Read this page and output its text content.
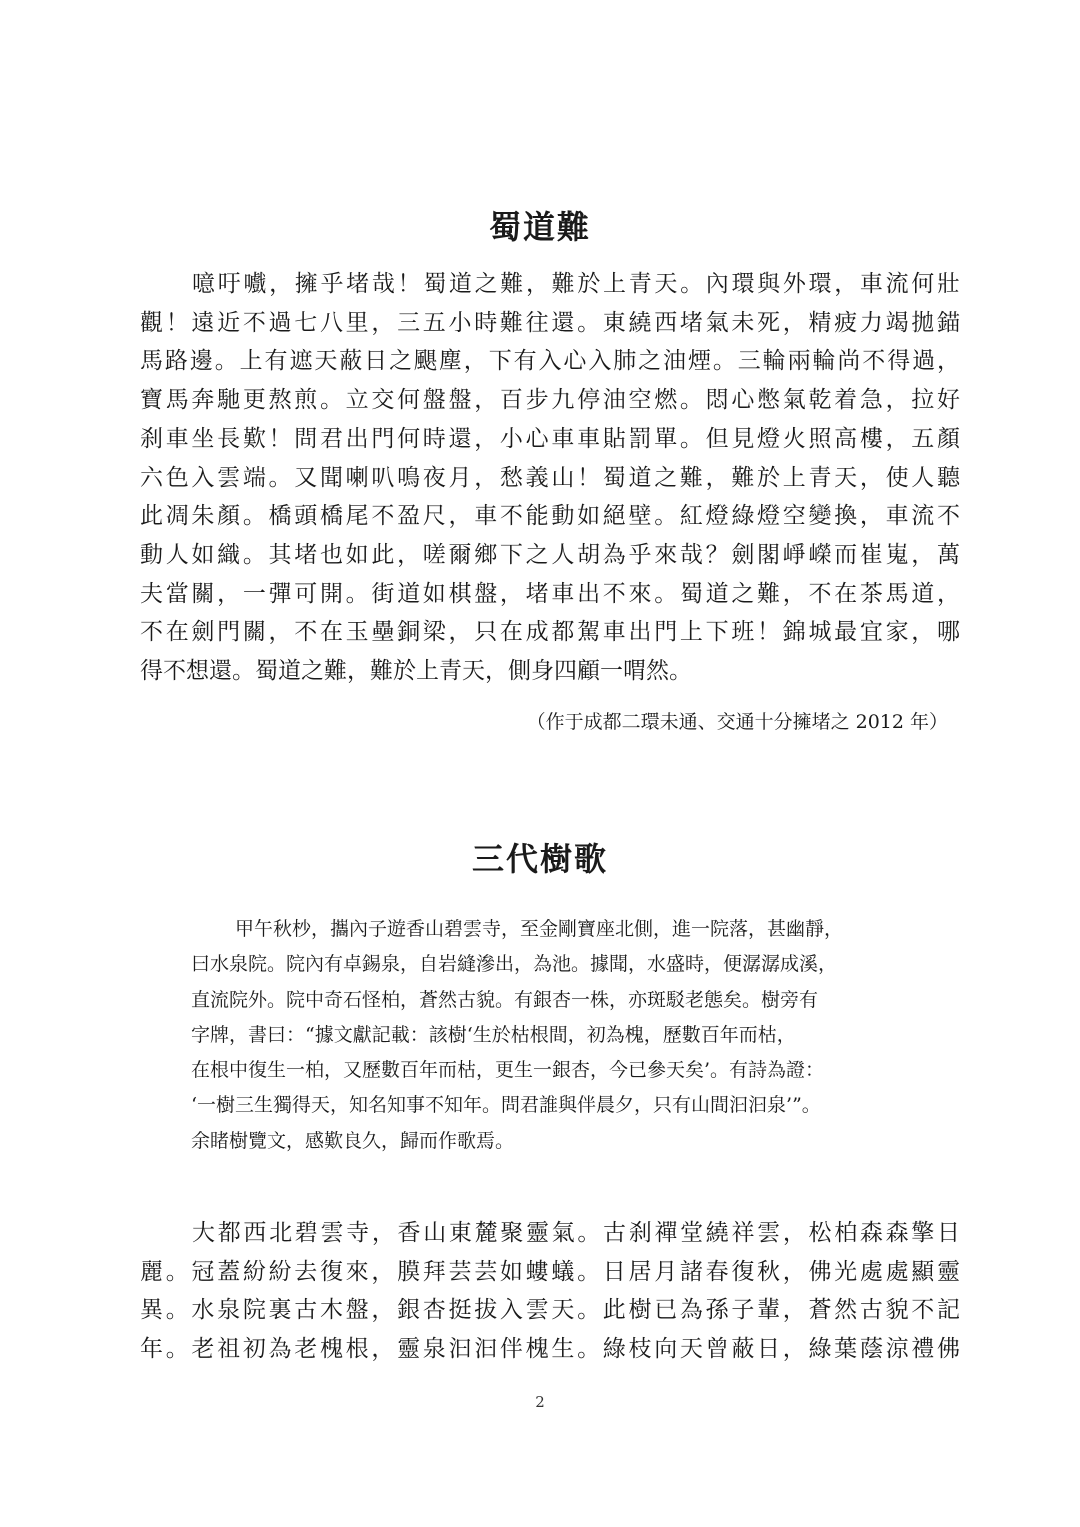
蜀道難
噫吁嚱，擁乎堵哉！蜀道之難，難於上青天。內環與外環，車流何壯
觀！遠近不過七八里，三五小時難往還。東繞西堵氣未死，精疲力竭拋錨
馬路邊。上有遮天蔽日之颶塵，下有入心入肺之油煙。三輪兩輪尚不得過，
寶馬奔馳更熬煎。立交何盤盤，百步九停油空燃。悶心憋氣乾着急，拉好
刹車坐長歎！問君出門何時還，小心車車貼罰單。但見燈火照高樓，五顏
六色入雲端。又聞喇叭鳴夜月，愁義山！蜀道之難，難於上青天，使人聽
此凋朱顏。橋頭橋尾不盈尺，車不能動如絕壁。紅燈綠燈空變換，車流不
動人如織。其堵也如此，嗟爾鄉下之人胡為乎來哉？劍閣崢嶸而崔嵬，萬
夫當關，一彈可開。街道如棋盤，堵車出不來。蜀道之難，不在茶馬道，
不在劍門關，不在玉壘銅梁，只在成都駕車出門上下班！錦城最宜家，哪
得不想還。蜀道之難，難於上青天，側身四顧一喟然。

（作于成都二環未通、交通十分擁堵之 2012 年）

三代樹歌
甲午秋杪，攜內子遊香山碧雲寺，至金剛寶座北側，進一院落，甚幽靜，
曰水泉院。院內有卓錫泉，自岩縫滲出，為池。據聞，水盛時，便潺潺成溪，
直流院外。院中奇石怪柏，蒼然古貌。有銀杏一株，亦斑駁老態矣。樹旁有
字牌，書曰：“據文獻記載：該樹‘生於枯根間，初為槐，歷數百年而枯，
在根中復生一柏，又歷數百年而枯，更生一銀杏，今已參天矣’。有詩為證：
‘一樹三生獨得天，知名知事不知年。問君誰與伴晨夕，只有山間汩汩泉’”。
余睹樹覽文，感歎良久，歸而作歌焉。
大都西北碧雲寺，香山東麓聚靈氣。古刹禪堂繞祥雲，松柏森森擎日
麗。冠蓋紛紛去復來，膜拜芸芸如螻蟻。日居月諸春復秋，佛光處處顯靈
異。水泉院裏古木盤，銀杏挺拔入雲天。此樹已為孫子輩，蒼然古貌不記
年。老祖初為老槐根，靈泉汩汩伴槐生。綠枝向天曾蔽日，綠葉蔭涼禮佛

2
